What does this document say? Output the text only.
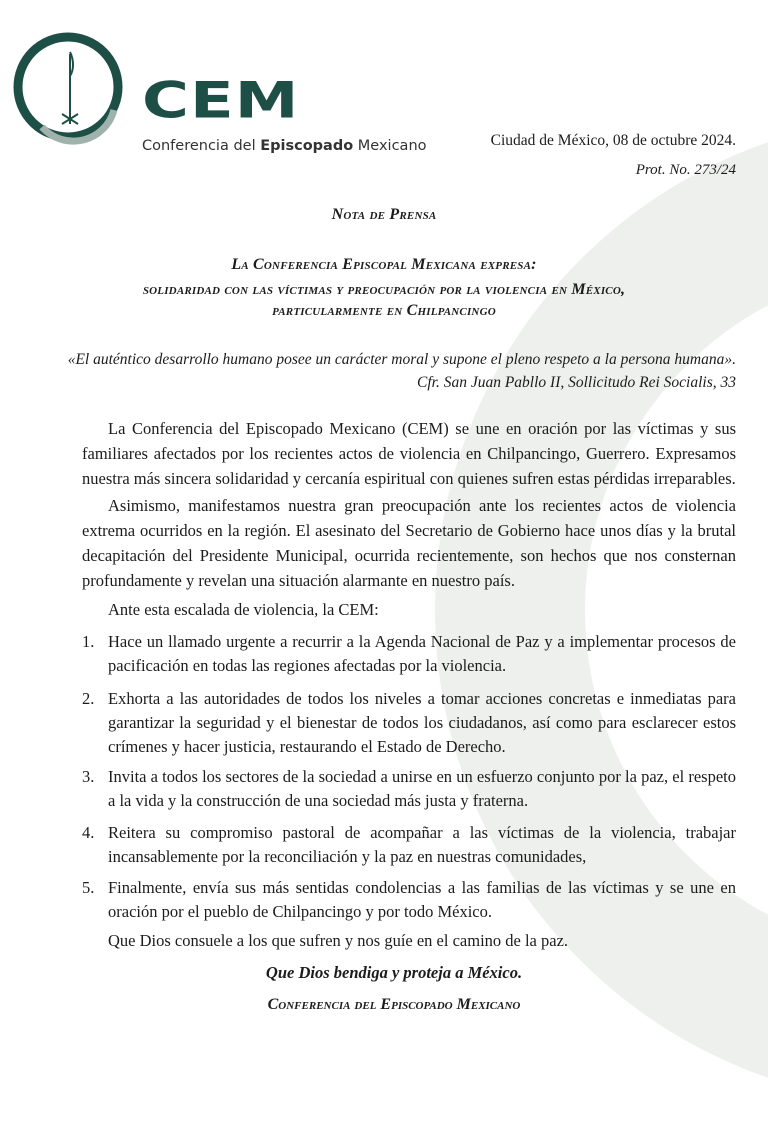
CEM
Conferencia del Episcopado Mexicano	Ciudad de México, 08 de octubre 2024.
Prot. No. 273/24
Nota de Prensa
La Conferencia Episcopal Mexicana expresa:
solidaridad con las víctimas y preocupación por la violencia en México,
particularmente en Chilpancingo
«El auténtico desarrollo humano posee un carácter moral y supone el pleno respeto a la persona humana».
Cfr. San Juan Pabllo II, Sollicitudo Rei Socialis, 33

La Conferencia del Episcopado Mexicano (CEM) se une en oración por las víctimas y sus familiares afectados por los recientes actos de violencia en Chilpancingo, Guerrero. Expresamos nuestra más sincera solidaridad y cercanía espiritual con quienes sufren estas pérdidas irreparables.

Asimismo, manifestamos nuestra gran preocupación ante los recientes actos de violencia extrema ocurridos en la región. El asesinato del Secretario de Gobierno hace unos días y la brutal decapitación del Presidente Municipal, ocurrida recientemente, son hechos que nos consternan profundamente y revelan una situación alarmante en nuestro país.

Ante esta escalada de violencia, la CEM:

1. Hace un llamado urgente a recurrir a la Agenda Nacional de Paz y a implementar procesos de pacificación en todas las regiones afectadas por la violencia.
2. Exhorta a las autoridades de todos los niveles a tomar acciones concretas e inmediatas para garantizar la seguridad y el bienestar de todos los ciudadanos, así como para esclarecer estos crímenes y hacer justicia, restaurando el Estado de Derecho.
3. Invita a todos los sectores de la sociedad a unirse en un esfuerzo conjunto por la paz, el respeto a la vida y la construcción de una sociedad más justa y fraterna.
4. Reitera su compromiso pastoral de acompañar a las víctimas de la violencia, trabajar incansablemente por la reconciliación y la paz en nuestras comunidades,
5. Finalmente, envía sus más sentidas condolencias a las familias de las víctimas y se une en oración por el pueblo de Chilpancingo y por todo México.
Que Dios consuele a los que sufren y nos guíe en el camino de la paz.
Que Dios bendiga y proteja a México.
Conferencia del Episcopado Mexicano
